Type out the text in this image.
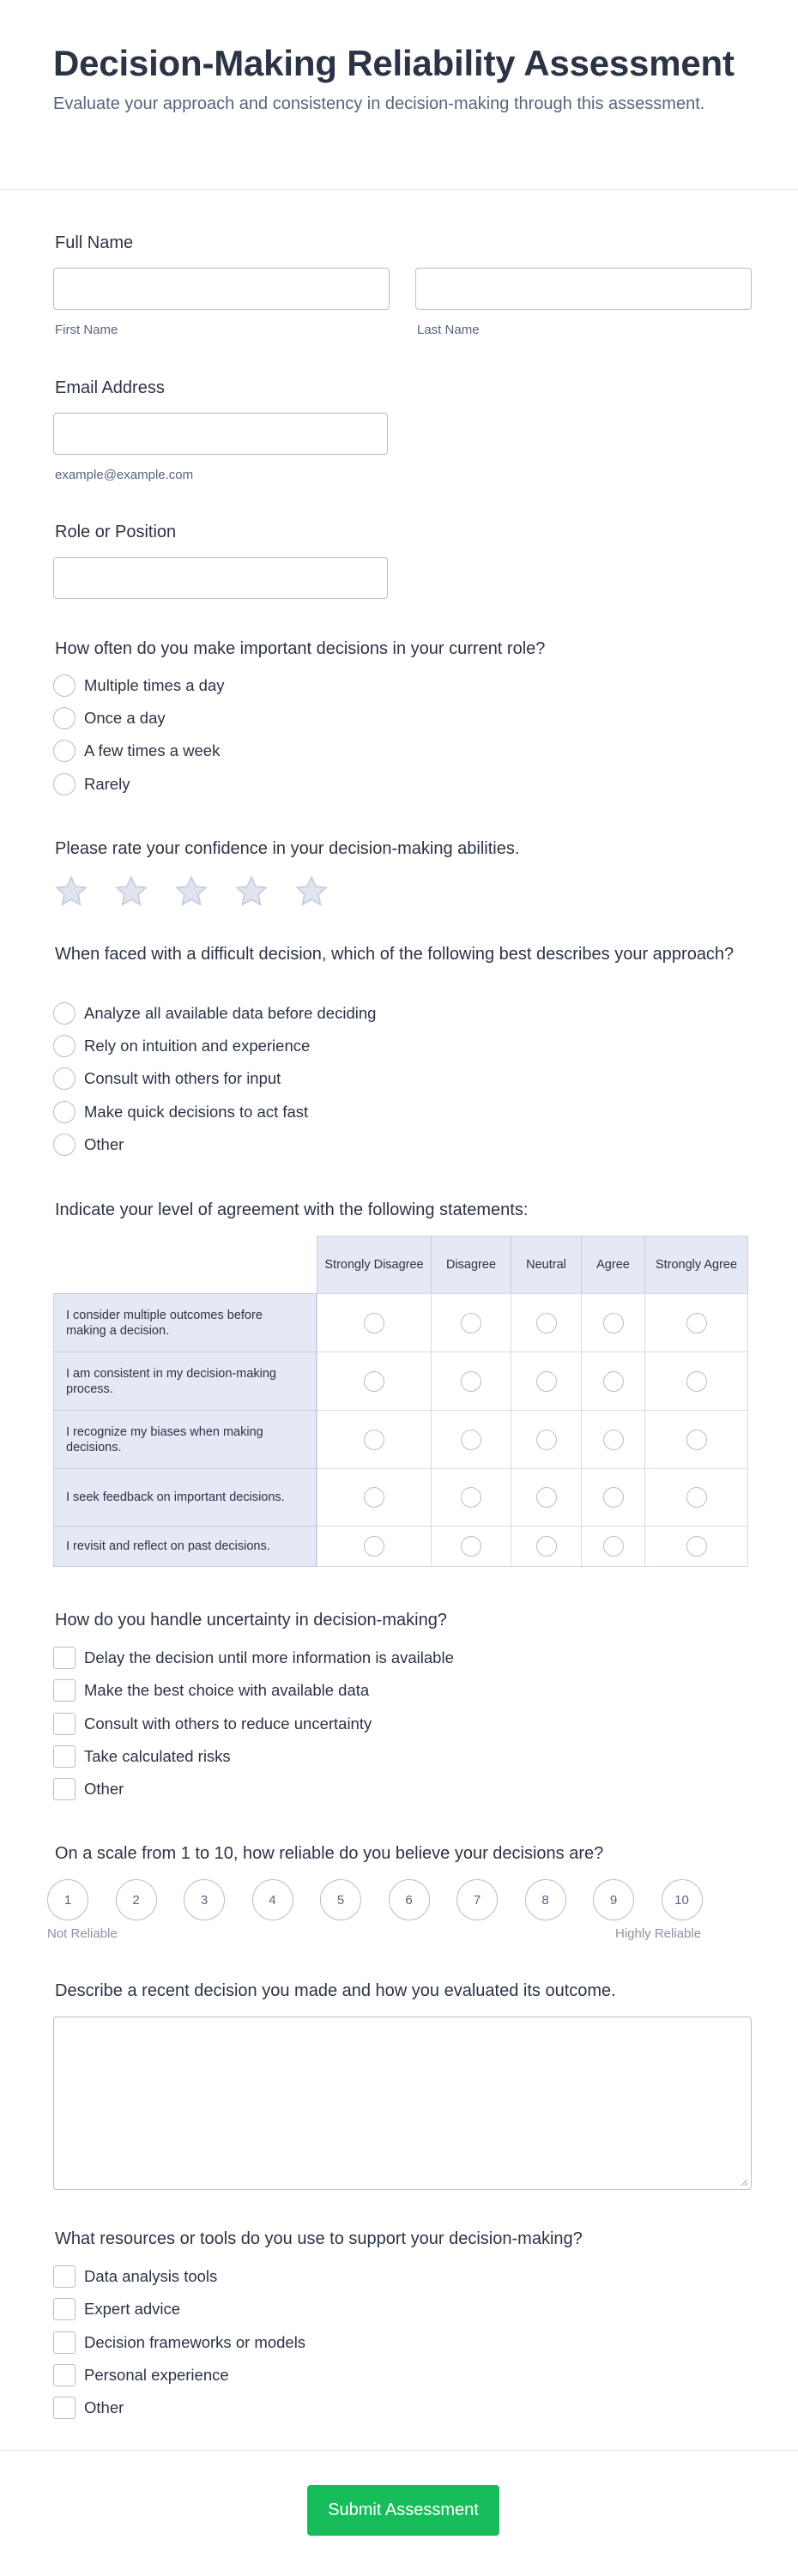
Decision-Making Reliability Assessment
Evaluate your approach and consistency in decision-making through this assessment.
Full Name
First Name	Last Name
Email Address
example@example.com
Role or Position
How often do you make important decisions in your current role?
Multiple times a day
Once a day
A few times a week
Rarely
Please rate your confidence in your decision-making abilities.
When faced with a difficult decision, which of the following best describes your approach?
Analyze all available data before deciding
Rely on intuition and experience
Consult with others for input
Make quick decisions to act fast
Other
Indicate your level of agreement with the following statements:
Strongly Disagree	Disagree	Neutral	Agree	Strongly Agree
I consider multiple outcomes before making a decision.
I am consistent in my decision-making process.
I recognize my biases when making decisions.
I seek feedback on important decisions.
I revisit and reflect on past decisions.
How do you handle uncertainty in decision-making?
Delay the decision until more information is available
Make the best choice with available data
Consult with others to reduce uncertainty
Take calculated risks
Other
On a scale from 1 to 10, how reliable do you believe your decisions are?
1	2	3	4	5	6	7	8	9	10
Not Reliable	Highly Reliable
Describe a recent decision you made and how you evaluated its outcome.
What resources or tools do you use to support your decision-making?
Data analysis tools
Expert advice
Decision frameworks or models
Personal experience
Other
Submit Assessment
